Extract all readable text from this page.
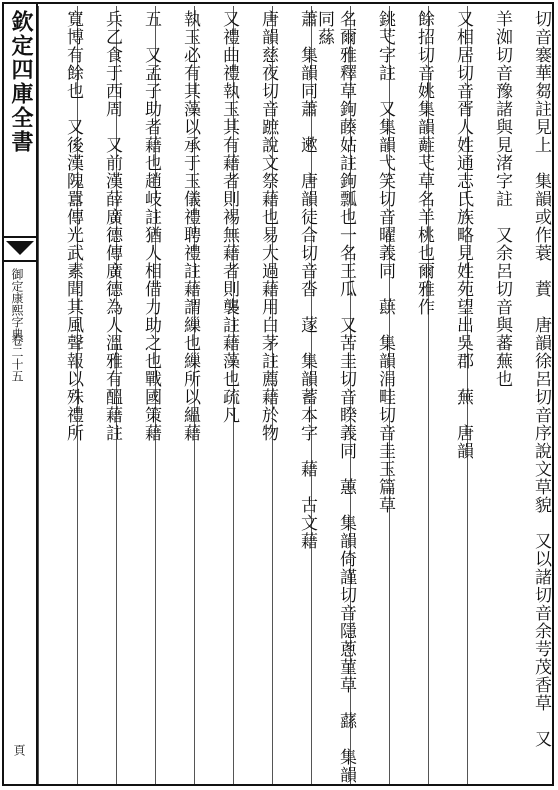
欽定四庫全書
御定康熙字典
卷二十五
頁
切音褰華芻註見上　集韻或作蓑　蕡　唐韻徐呂切音序說文草貌　又以諸切音余芌茂香草　又
羊洳切音豫諸與見渚字註　又余呂切音與蕃蕪也
又相居切音胥人姓通志氏族略見姓苑望出吳郡　蕪　唐韻
餘招切音姚集韻蘣芅草名羊桃也爾雅作
銚芅字註　又集韻弋笑切音曜義同　蕻　集韻涓畦切音圭玉篇草
名爾雅釋草鉤藈姑註鉤瓢也一名王瓜　又苦圭切音睽義同　蕙　集韻倚謹切音隱蔥菫草　蘨　集韻同蕬
蕭　集韻同蕭　遬　唐韻徒合切音沓　蓫　集韻蓄本字　藉　古文藉
唐韻慈夜切音蹠說文祭藉也易大過藉用白茅註薦藉於物
又禮曲禮執玉其有藉者則裼無藉者則襲註藉藻也疏凡
執玉必有其藻以承于玉儀禮聘禮註藉謂繅也繅所以縕藉
五　又孟子助者藉也趙岐註猶人相借力助之也戰國策藉
兵乙食于西周　又前漢薛廣德傳廣德為人溫雅有醞藉註
寬博有餘也　又後漢隗囂傳光武素聞其風聲報以殊禮所
